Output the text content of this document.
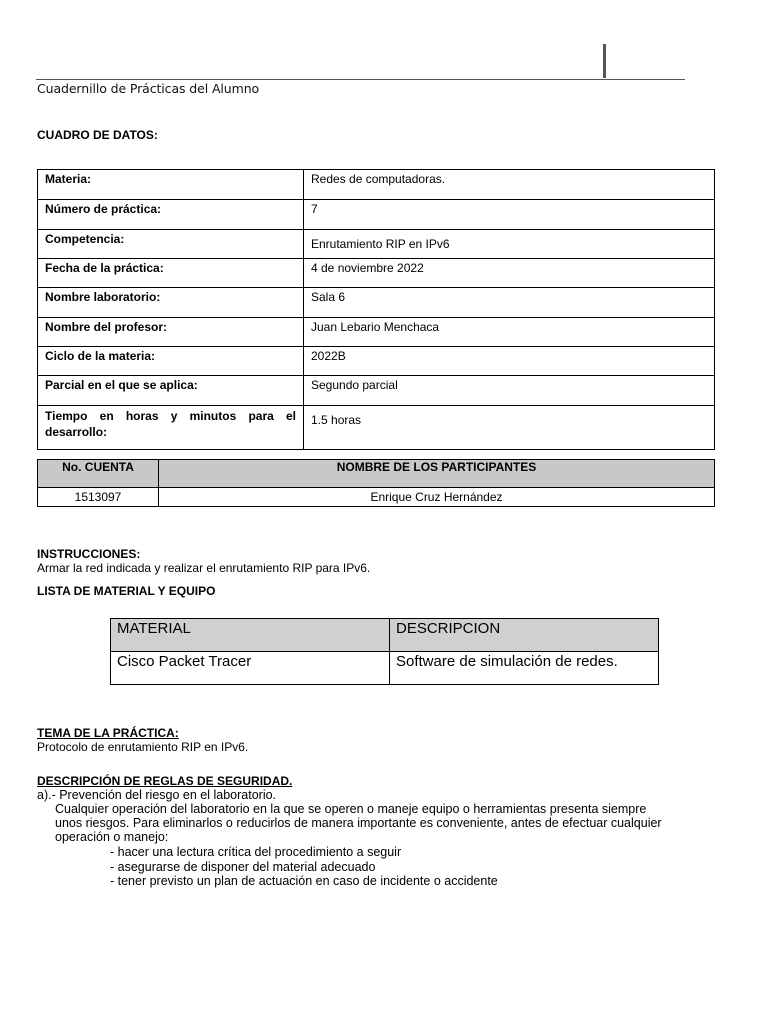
Cuadernillo de Prácticas del Alumno
CUADRO DE DATOS:
Materia:	Redes de computadoras.
Número de práctica:	7
Competencia:	Enrutamiento RIP en IPv6
Fecha de la práctica:	4 de noviembre 2022
Nombre laboratorio:	Sala 6
Nombre del profesor:	Juan Lebario Menchaca
Ciclo de la materia:	2022B
Parcial en el que se aplica:	Segundo parcial
Tiempo en horas y minutos para el desarrollo:	1.5 horas
No. CUENTA	NOMBRE DE LOS PARTICIPANTES
1513097	Enrique Cruz Hernández
INSTRUCCIONES:
Armar la red indicada y realizar el enrutamiento RIP para IPv6.
LISTA DE MATERIAL Y EQUIPO
MATERIAL	DESCRIPCION
Cisco Packet Tracer	Software de simulación de redes.
TEMA DE LA PRÁCTICA:
Protocolo de enrutamiento RIP en IPv6.
DESCRIPCIÓN DE REGLAS DE SEGURIDAD.
a).- Prevención del riesgo en el laboratorio.
Cualquier operación del laboratorio en la que se operen o maneje equipo o herramientas presenta siempre
unos riesgos. Para eliminarlos o reducirlos de manera importante es conveniente, antes de efectuar cualquier
operación o manejo:
- hacer una lectura crítica del procedimiento a seguir
- asegurarse de disponer del material adecuado
- tener previsto un plan de actuación en caso de incidente o accidente
